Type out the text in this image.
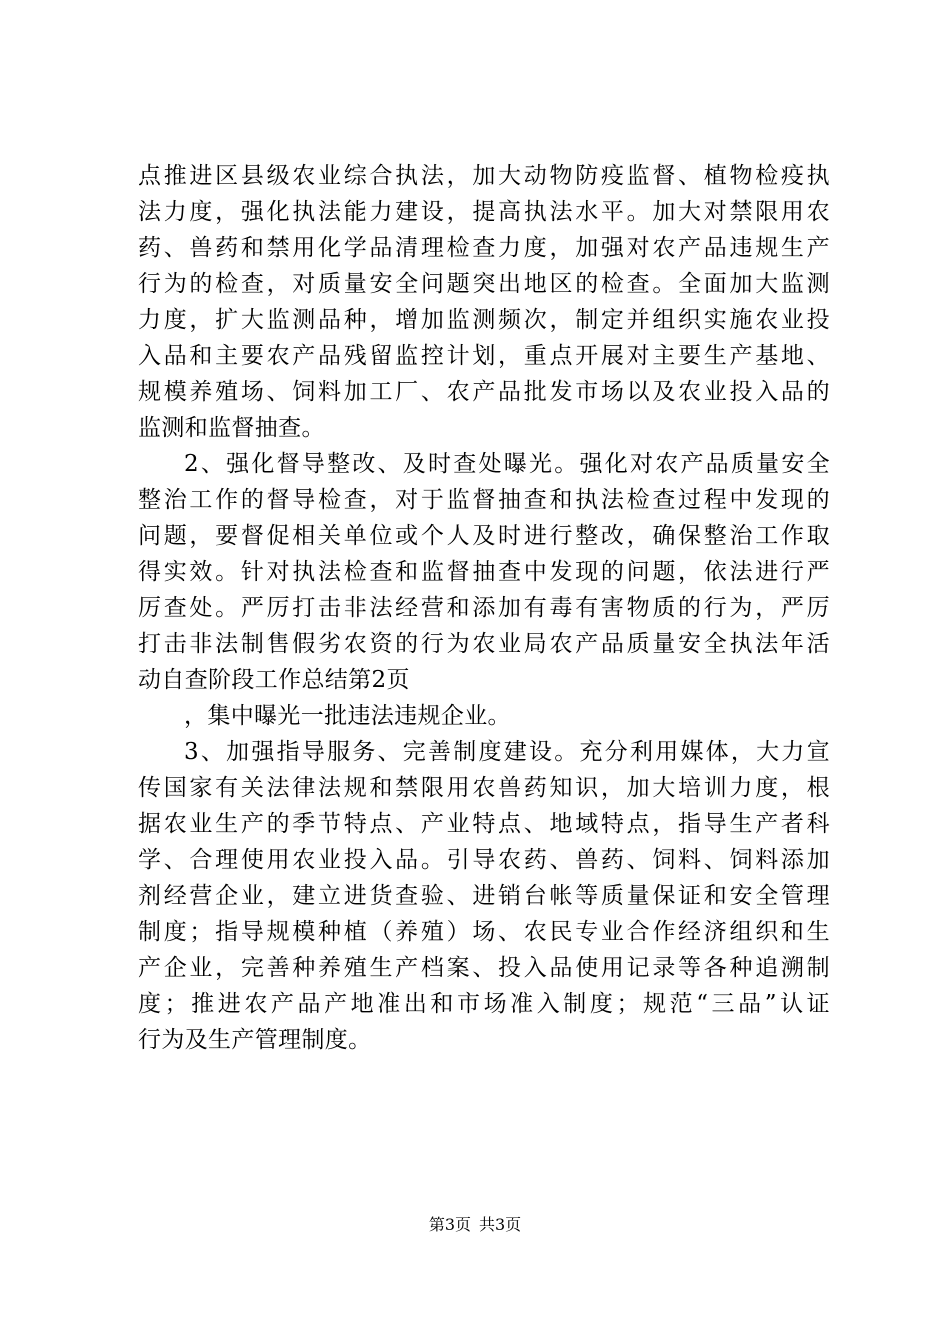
点推进区县级农业综合执法，加大动物防疫监督、植物检疫执
法力度，强化执法能力建设，提高执法水平。加大对禁限用农
药、兽药和禁用化学品清理检查力度，加强对农产品违规生产
行为的检查，对质量安全问题突出地区的检查。全面加大监测
力度，扩大监测品种，增加监测频次，制定并组织实施农业投
入品和主要农产品残留监控计划，重点开展对主要生产基地、
规模养殖场、饲料加工厂、农产品批发市场以及农业投入品的
监测和监督抽查。
2、强化督导整改、及时查处曝光。强化对农产品质量安全
整治工作的督导检查，对于监督抽查和执法检查过程中发现的
问题，要督促相关单位或个人及时进行整改，确保整治工作取
得实效。针对执法检查和监督抽查中发现的问题，依法进行严
厉查处。严厉打击非法经营和添加有毒有害物质的行为，严厉
打击非法制售假劣农资的行为农业局农产品质量安全执法年活
动自查阶段工作总结第2页
，集中曝光一批违法违规企业。
3、加强指导服务、完善制度建设。充分利用媒体，大力宣
传国家有关法律法规和禁限用农兽药知识，加大培训力度，根
据农业生产的季节特点、产业特点、地域特点，指导生产者科
学、合理使用农业投入品。引导农药、兽药、饲料、饲料添加
剂经营企业，建立进货查验、进销台帐等质量保证和安全管理
制度；指导规模种植（养殖）场、农民专业合作经济组织和生
产企业，完善种养殖生产档案、投入品使用记录等各种追溯制
度；推进农产品产地准出和市场准入制度；规范“三品”认证
行为及生产管理制度。
第3页 共3页
